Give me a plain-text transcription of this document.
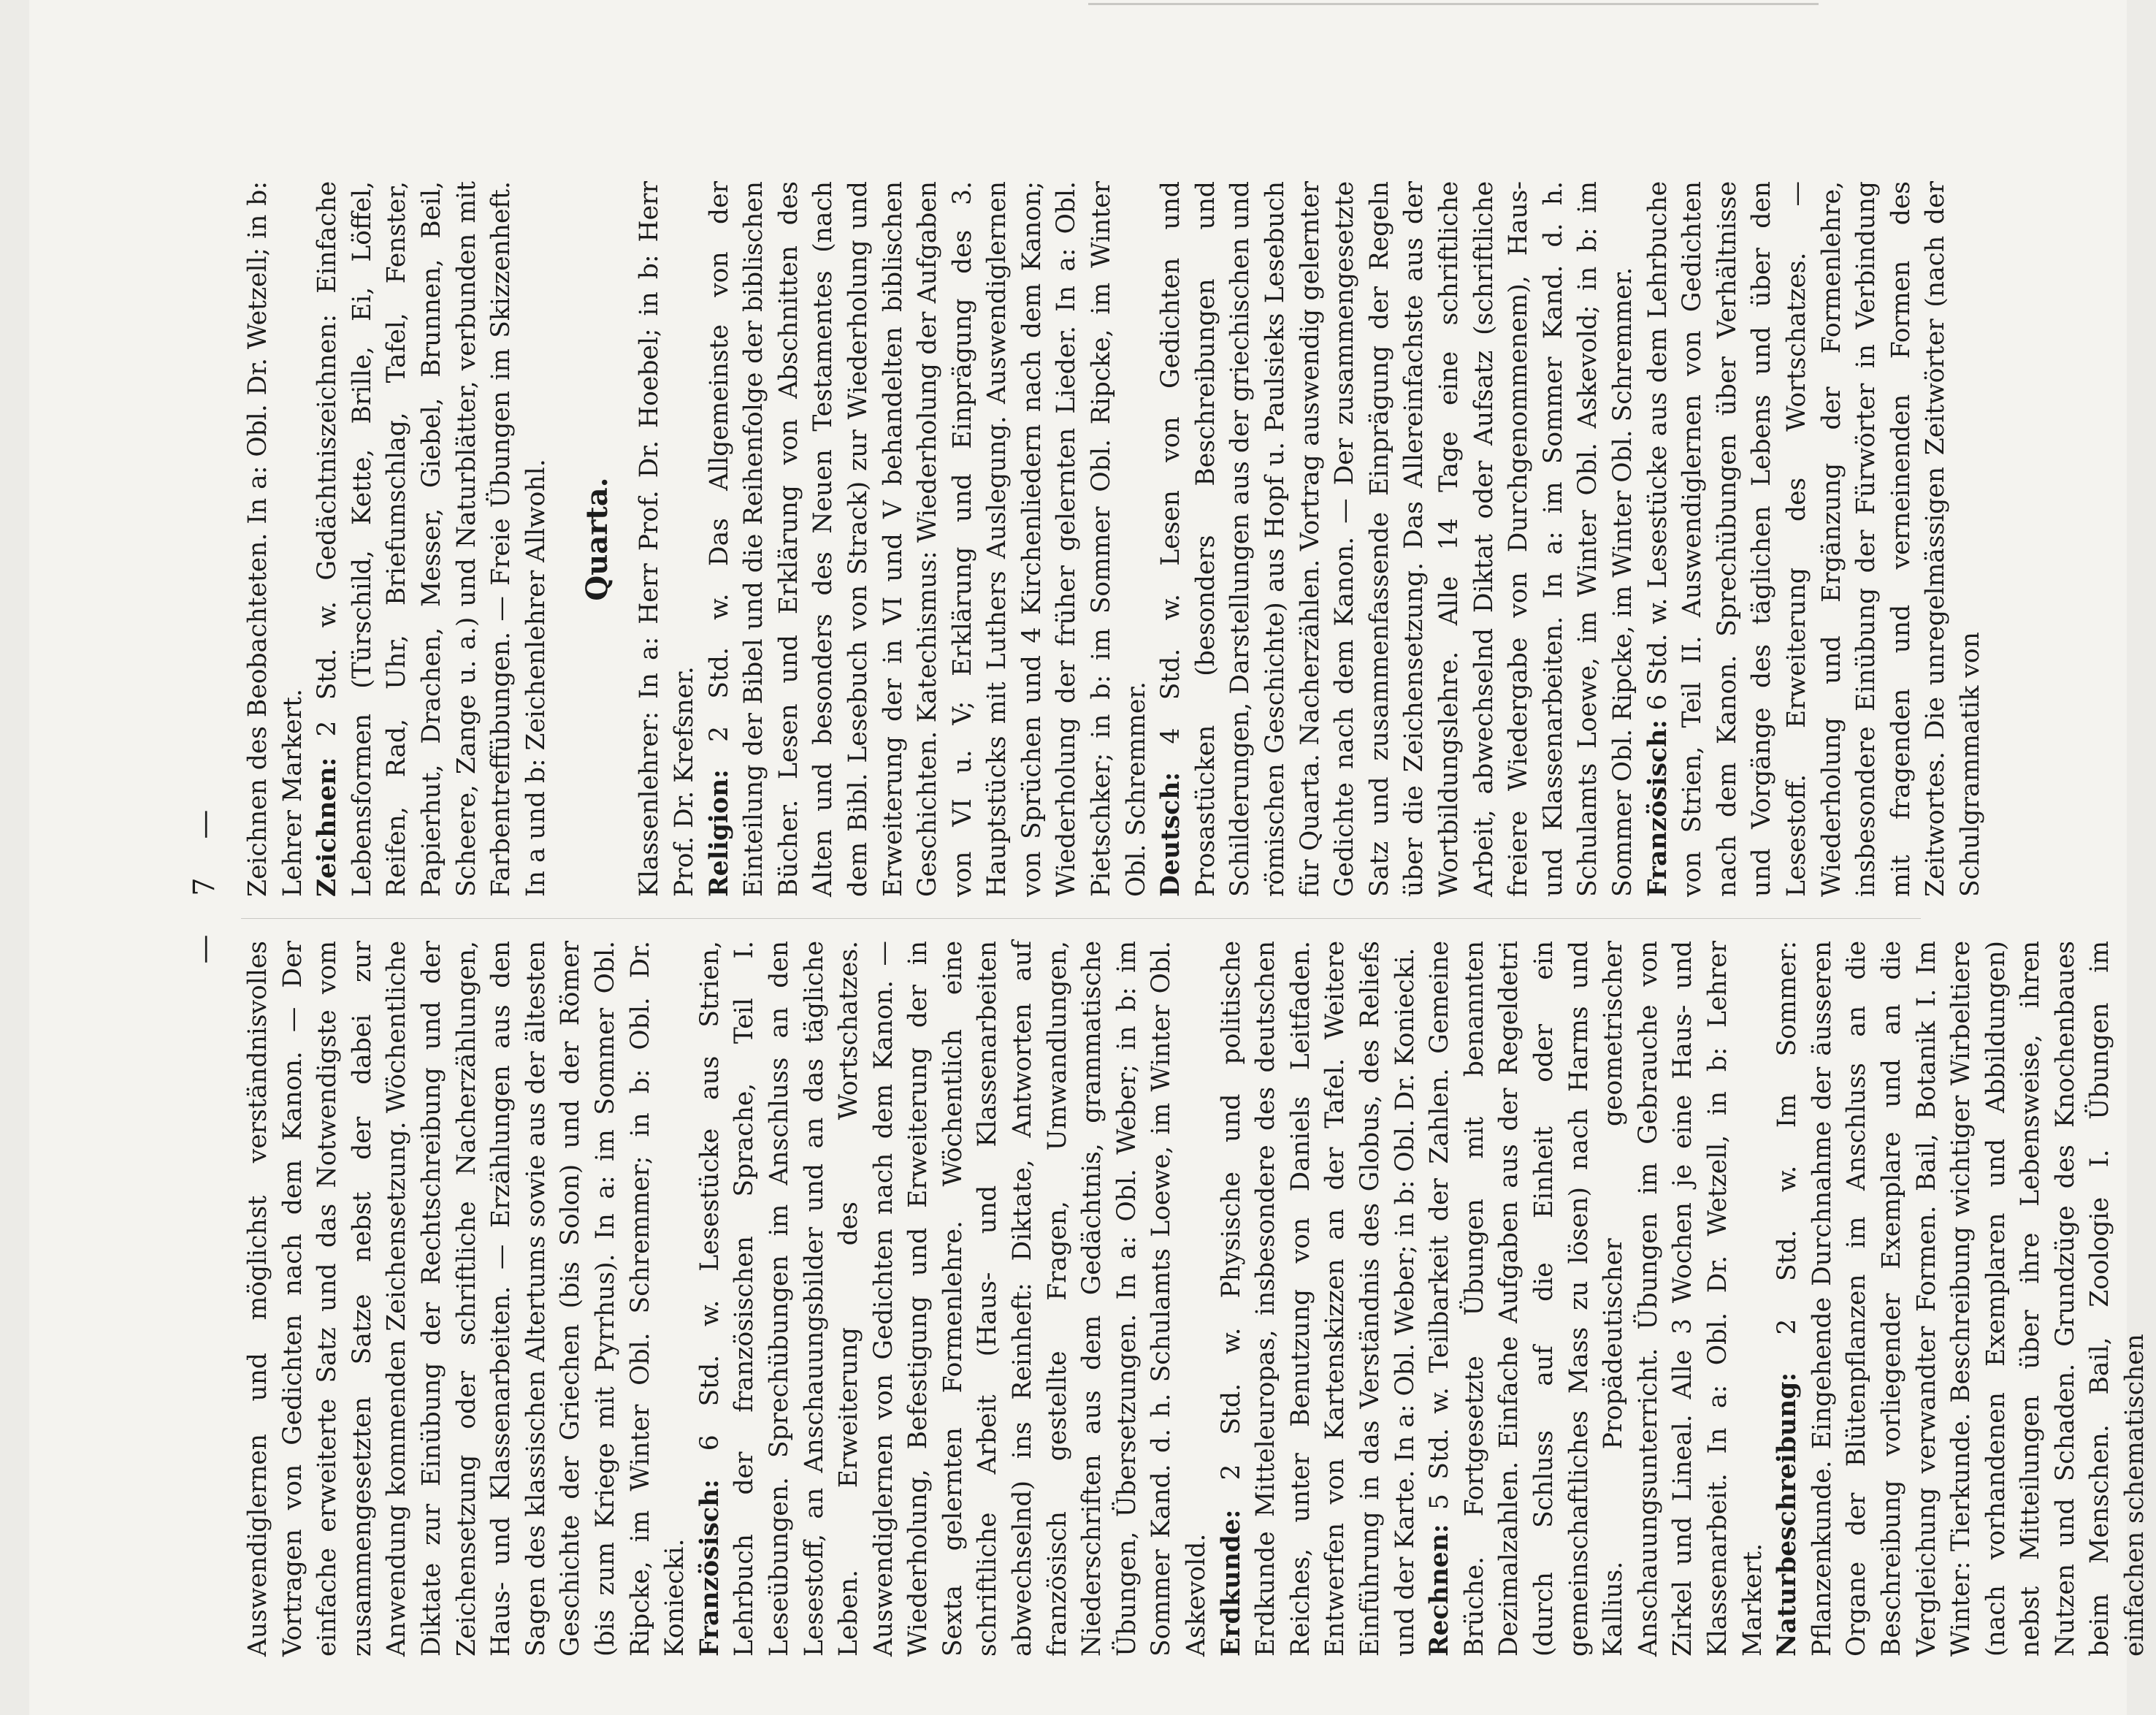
— 7 —

Auswendiglernen und möglichst verständnisvolles Vortragen von Gedichten nach dem Kanon. — Der einfache erweiterte Satz und das Notwendigste vom zusammengesetzten Satze nebst der dabei zur Anwendung kommenden Zeichensetzung. Wöchentliche Diktate zur Einübung der Rechtschreibung und der Zeichensetzung oder schriftliche Nacherzählungen, Haus- und Klassenarbeiten. — Erzählungen aus den Sagen des klassischen Altertums sowie aus der ältesten Geschichte der Griechen (bis Solon) und der Römer (bis zum Kriege mit Pyrrhus). In a: im Sommer Obl. Ripcke, im Winter Obl. Schremmer; in b: Obl. Dr. Koniecki. Französisch: 6 Std. w. Lesestücke aus Strien, Lehrbuch der französischen Sprache, Teil I. Leseübungen. Sprechübungen im Anschluss an den Lesestoff, an Anschauungsbilder und an das tägliche Leben. Erweiterung des Wortschatzes. Auswendiglernen von Gedichten nach dem Kanon. — Wiederholung, Befestigung und Erweiterung der in Sexta gelernten Formenlehre. Wöchentlich eine schriftliche Arbeit (Haus- und Klassenarbeiten abwechselnd) ins Reinheft: Diktate, Antworten auf französisch gestellte Fragen, Umwandlungen, Niederschriften aus dem Gedächtnis, grammatische Übungen, Übersetzungen. In a: Obl. Weber; in b: im Sommer Kand. d. h. Schulamts Loewe, im Winter Obl. Askevold. Erdkunde: 2 Std. w. Physische und politische Erdkunde Mitteleuropas, insbesondere des deutschen Reiches, unter Benutzung von Daniels Leitfaden. Entwerfen von Kartenskizzen an der Tafel. Weitere Einführung in das Verständnis des Globus, des Reliefs und der Karte. In a: Obl. Weber; in b: Obl. Dr. Koniecki. Rechnen: 5 Std. w. Teilbarkeit der Zahlen. Gemeine Brüche. Fortgesetzte Übungen mit benannten Dezimalzahlen. Einfache Aufgaben aus der Regeldetri (durch Schluss auf die Einheit oder ein gemeinschaftliches Mass zu lösen) nach Harms und Kallius. Propädeutischer geometrischer Anschauungsunterricht. Übungen im Gebrauche von Zirkel und Lineal. Alle 3 Wochen je eine Haus- und Klassenarbeit. In a: Obl. Dr. Wetzell, in b: Lehrer Markert. Naturbeschreibung: 2 Std. w. Im Sommer: Pflanzenkunde. Eingehende Durchnahme der äusseren Organe der Blütenpflanzen im Anschluss an die Beschreibung vorliegender Exemplare und an die Vergleichung verwandter Formen. Bail, Botanik I. Im Winter: Tierkunde. Beschreibung wichtiger Wirbeltiere (nach vorhandenen Exemplaren und Abbildungen) nebst Mitteilungen über ihre Lebensweise, ihren Nutzen und Schaden. Grundzüge des Knochenbaues beim Menschen. Bail, Zoologie I. Übungen im einfachen schematischen

Zeichnen des Beobachteten. In a: Obl. Dr. Wetzell; in b: Lehrer Markert. Zeichnen: 2 Std. w. Gedächtniszeichnen: Einfache Lebensformen (Türschild, Kette, Brille, Ei, Löffel, Reifen, Rad, Uhr, Briefumschlag, Tafel, Fenster, Papierhut, Drachen, Messer, Giebel, Brunnen, Beil, Scheere, Zange u. a.) und Naturblätter, verbunden mit Farbentreffübungen. — Freie Übungen im Skizzenheft. In a und b: Zeichenlehrer Allwohl. Quarta. Klassenlehrer: In a: Herr Prof. Dr. Hoebel; in b: Herr Prof. Dr. Krefsner. Religion: 2 Std. w. Das Allgemeinste von der Einteilung der Bibel und die Reihenfolge der biblischen Bücher. Lesen und Erklärung von Abschnitten des Alten und besonders des Neuen Testamentes (nach dem Bibl. Lesebuch von Strack) zur Wiederholung und Erweiterung der in VI und V behandelten biblischen Geschichten. Katechismus: Wiederholung der Aufgaben von VI u. V; Erklärung und Einprägung des 3. Hauptstücks mit Luthers Auslegung. Auswendiglernen von Sprüchen und 4 Kirchenliedern nach dem Kanon; Wiederholung der früher gelernten Lieder. In a: Obl. Pietschker; in b: im Sommer Obl. Ripcke, im Winter Obl. Schremmer. Deutsch: 4 Std. w. Lesen von Gedichten und Prosastücken (besonders Beschreibungen und Schilderungen, Darstellungen aus der griechischen und römischen Geschichte) aus Hopf u. Paulsieks Lesebuch für Quarta. Nacherzählen. Vortrag auswendig gelernter Gedichte nach dem Kanon. — Der zusammengesetzte Satz und zusammenfassende Einprägung der Regeln über die Zeichensetzung. Das Allereinfachste aus der Wortbildungslehre. Alle 14 Tage eine schriftliche Arbeit, abwechselnd Diktat oder Aufsatz (schriftliche freiere Wiedergabe von Durchgenommenem), Haus- und Klassenarbeiten. In a: im Sommer Kand. d. h. Schulamts Loewe, im Winter Obl. Askevold; in b: im Sommer Obl. Ripcke, im Winter Obl. Schremmer. Französisch: 6 Std. w. Lesestücke aus dem Lehrbuche von Strien, Teil II. Auswendiglernen von Gedichten nach dem Kanon. Sprechübungen über Verhältnisse und Vorgänge des täglichen Lebens und über den Lesestoff. Erweiterung des Wortschatzes. — Wiederholung und Ergänzung der Formenlehre, insbesondere Einübung der Fürwörter in Verbindung mit fragenden und verneinenden Formen des Zeitwortes. Die unregelmässigen Zeitwörter (nach der Schulgrammatik von
